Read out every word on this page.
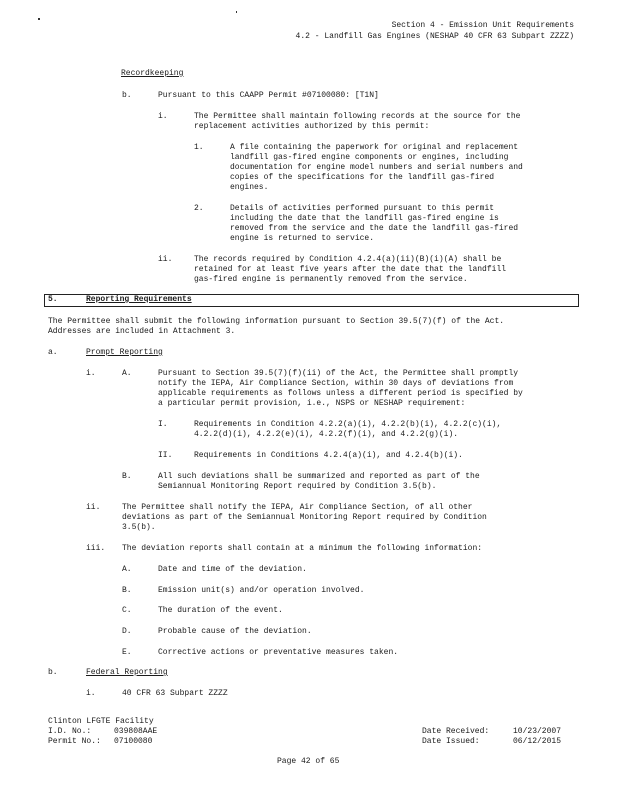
Section 4 - Emission Unit Requirements
4.2 - Landfill Gas Engines (NESHAP 40 CFR 63 Subpart ZZZZ)
Recordkeeping
b.	Pursuant to this CAAPP Permit #07100080: [T1N]
i.	The Permittee shall maintain following records at the source for the
replacement activities authorized by this permit:
1.	A file containing the paperwork for original and replacement
landfill gas-fired engine components or engines, including
documentation for engine model numbers and serial numbers and
copies of the specifications for the landfill gas-fired
engines.
2.	Details of activities performed pursuant to this permit
including the date that the landfill gas-fired engine is
removed from the service and the date the landfill gas-fired
engine is returned to service.
ii.	The records required by Condition 4.2.4(a)(ii)(B)(i)(A) shall be
retained for at least five years after the date that the landfill
gas-fired engine is permanently removed from the service.
5.	Reporting Requirements
The Permittee shall submit the following information pursuant to Section 39.5(7)(f) of the Act.
Addresses are included in Attachment 3.
a.	Prompt Reporting
i.	A.	Pursuant to Section 39.5(7)(f)(ii) of the Act, the Permittee shall promptly
notify the IEPA, Air Compliance Section, within 30 days of deviations from
applicable requirements as follows unless a different period is specified by
a particular permit provision, i.e., NSPS or NESHAP requirement:
I.	Requirements in Condition 4.2.2(a)(i), 4.2.2(b)(i), 4.2.2(c)(i),
4.2.2(d)(i), 4.2.2(e)(i), 4.2.2(f)(i), and 4.2.2(g)(i).
II.	Requirements in Conditions 4.2.4(a)(i), and 4.2.4(b)(i).
B.	All such deviations shall be summarized and reported as part of the
Semiannual Monitoring Report required by Condition 3.5(b).
ii.	The Permittee shall notify the IEPA, Air Compliance Section, of all other
deviations as part of the Semiannual Monitoring Report required by Condition
3.5(b).
iii. The deviation reports shall contain at a minimum the following information:
A.	Date and time of the deviation.
B.	Emission unit(s) and/or operation involved.
C.	The duration of the event.
D.	Probable cause of the deviation.
E.	Corrective actions or preventative measures taken.
b.	Federal Reporting
i.	40 CFR 63 Subpart ZZZZ
Clinton LFGTE Facility
I.D. No.:	039808AAE
Permit No.: 07100080
Date Received:	10/23/2007
Date Issued:	06/12/2015
Page 42 of 65
